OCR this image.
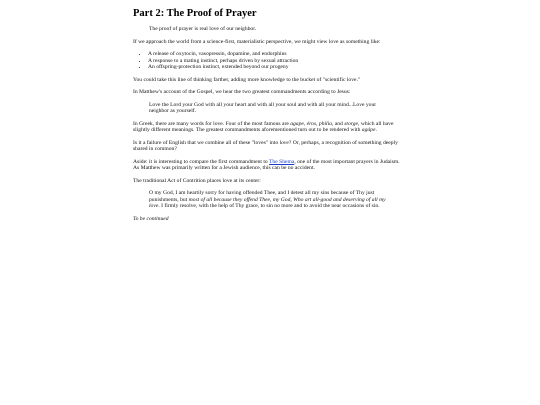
Part 2: The Proof of Prayer

The proof of prayer is real love of our neighbor.

If we approach the world from a science-first, materialistic perspective, we might view love as something like:

• A release of oxytocin, vasopressin, dopamine, and endorphins
• A response to a mating instinct, perhaps driven by sexual attraction
• An offspring-protection instinct, extended beyond our progeny

You could take this line of thinking farther, adding more knowledge to the bucket of "scientific love."

In Matthew's account of the Gospel, we hear the two greatest commandments according to Jesus:

Love the Lord your God with all your heart and with all your soul and with all your mind...Love your neighbor as yourself.

In Greek, there are many words for love. Four of the most famous are agape, éros, philia, and storge, which all have slightly different meanings. The greatest commandments aforementioned turn out to be rendered with agápe.

Is it a failure of English that we combine all of these "loves" into love? Or, perhaps, a recognition of something deeply shared in common?

Aside: it is interesting to compare the first commandment to The Shema, one of the most important prayers in Judaism. As Matthew was primarily written for a Jewish audience, this can be no accident.

The traditional Act of Contrition places love at its center:

O my God, I am heartily sorry for having offended Thee, and I detest all my sins because of Thy just punishments, but most of all because they offend Thee, my God, Who art all-good and deserving of all my love. I firmly resolve, with the help of Thy grace, to sin no more and to avoid the near occasions of sin.

To be continued
